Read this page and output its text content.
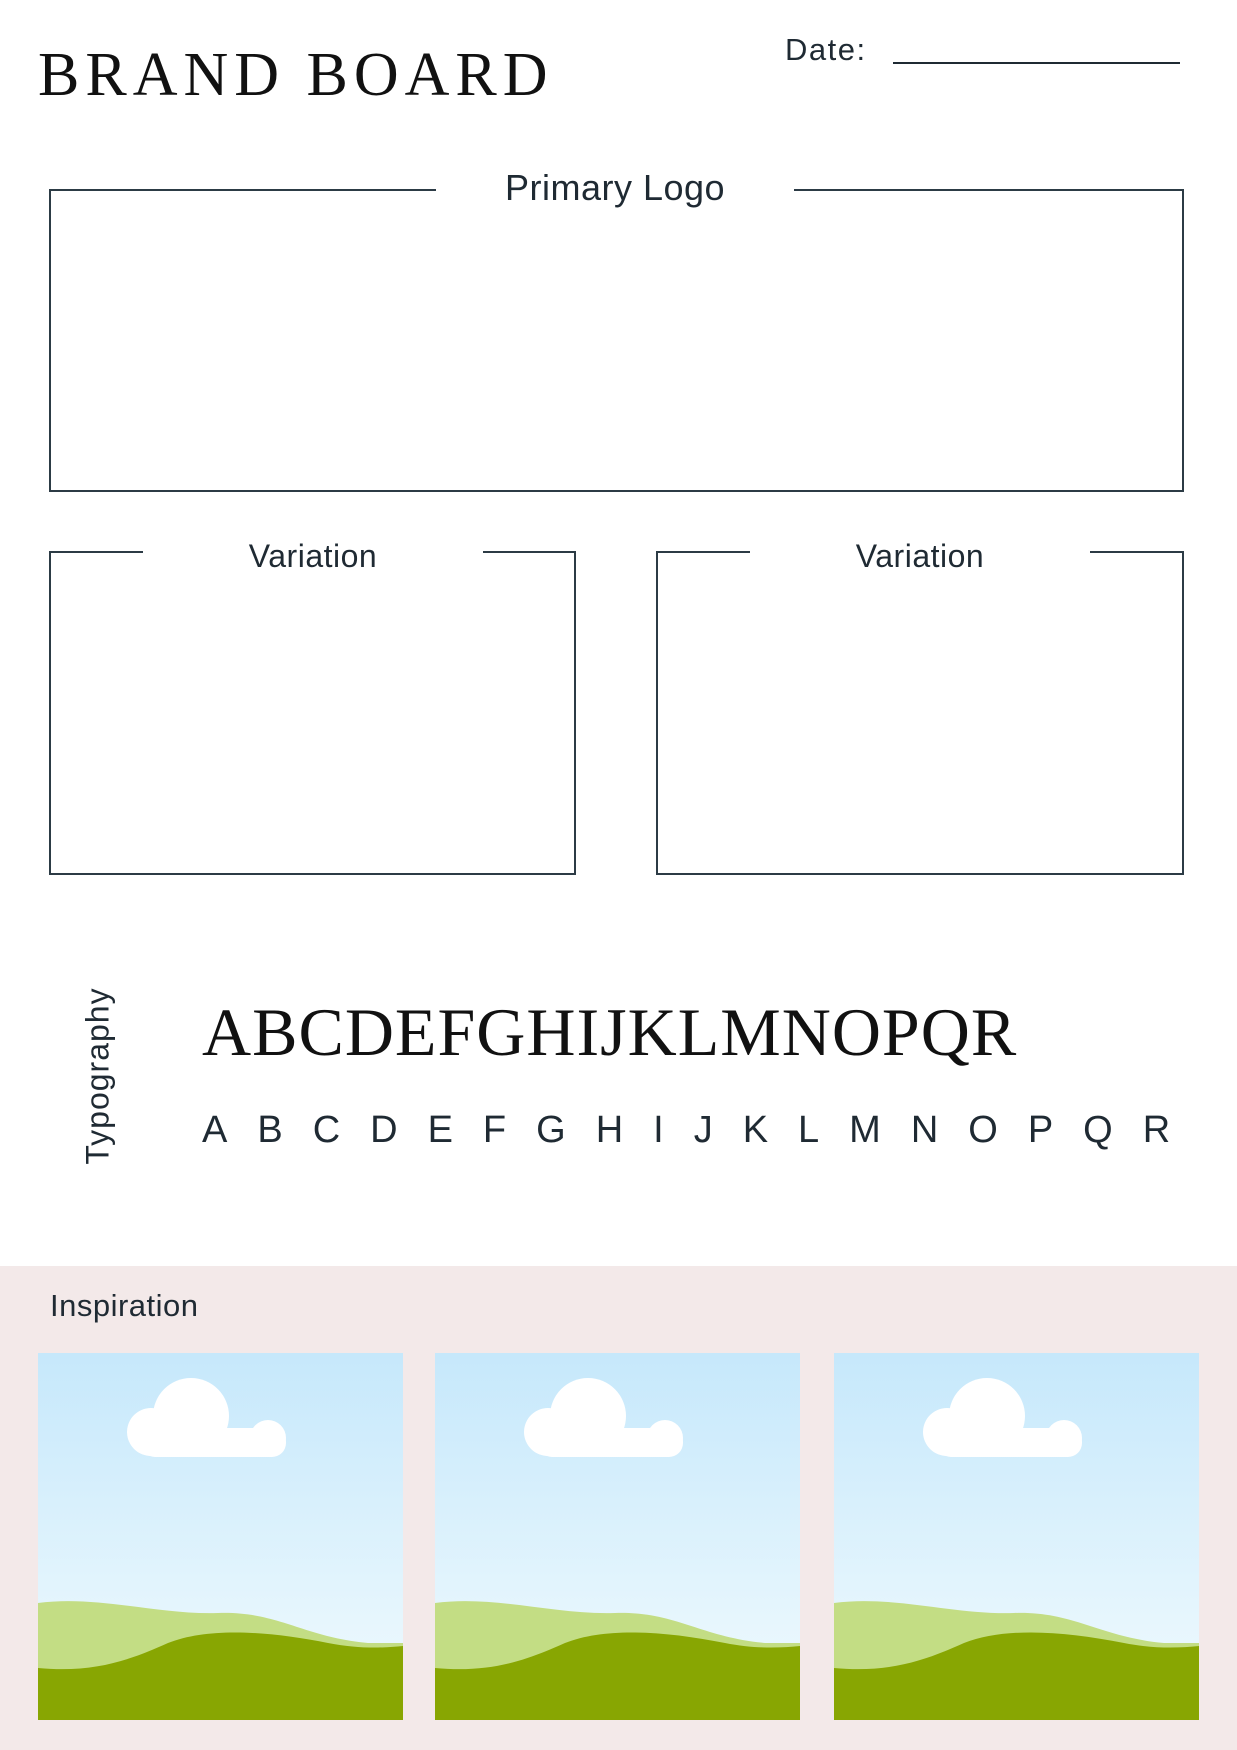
BRAND BOARD	Date:
Primary Logo
Variation	Variation
Typography ABCDEFGHIJKLMNOPQR
ABCDEFGHIJKLMNOPQR
Inspiration
